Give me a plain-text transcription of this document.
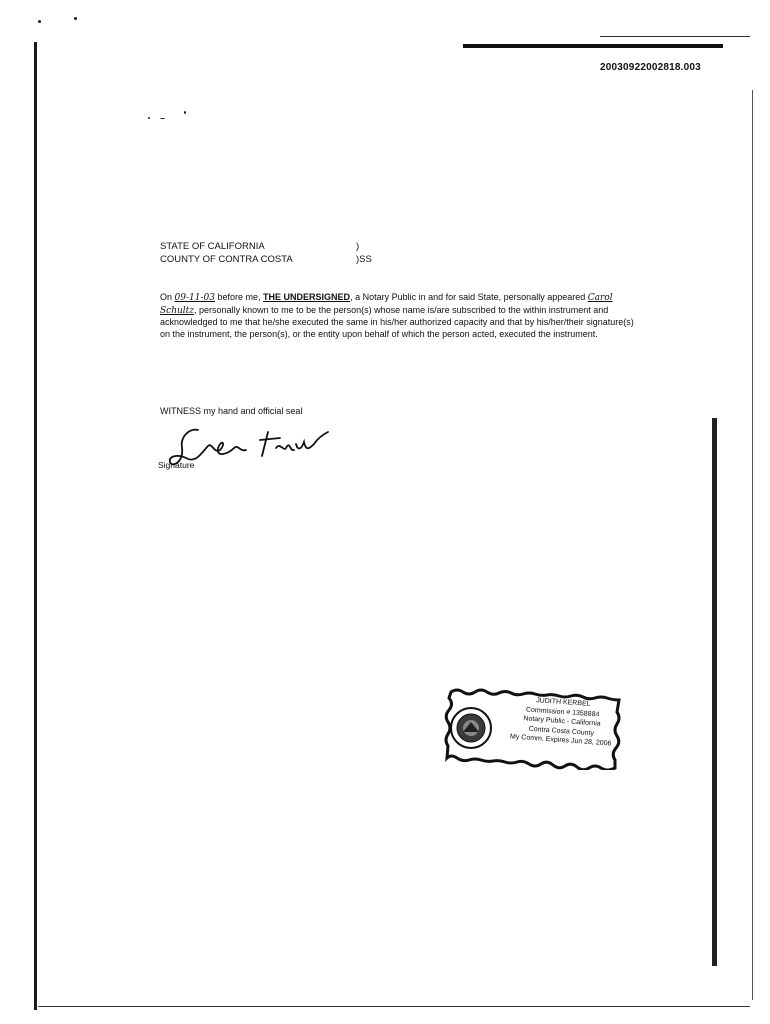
20030922002818.003
STATE OF CALIFORNIA	)
COUNTY OF CONTRA COSTA	)SS
On 09-11-03 before me, THE UNDERSIGNED, a Notary Public in and for said State, personally appeared Carol Schultz, personally known to me to be the person(s) whose name is/are subscribed to the within instrument and acknowledged to me that he/she executed the same in his/her authorized capacity and that by his/her/their signature(s) on the instrument, the person(s), or the entity upon behalf of which the person acted, executed the instrument.
WITNESS my hand and official seal
Signature
JUDITH KERBEL
Commission # 1358884
Notary Public - California
Contra Costa County
My Comm. Expires Jun 28, 2006
